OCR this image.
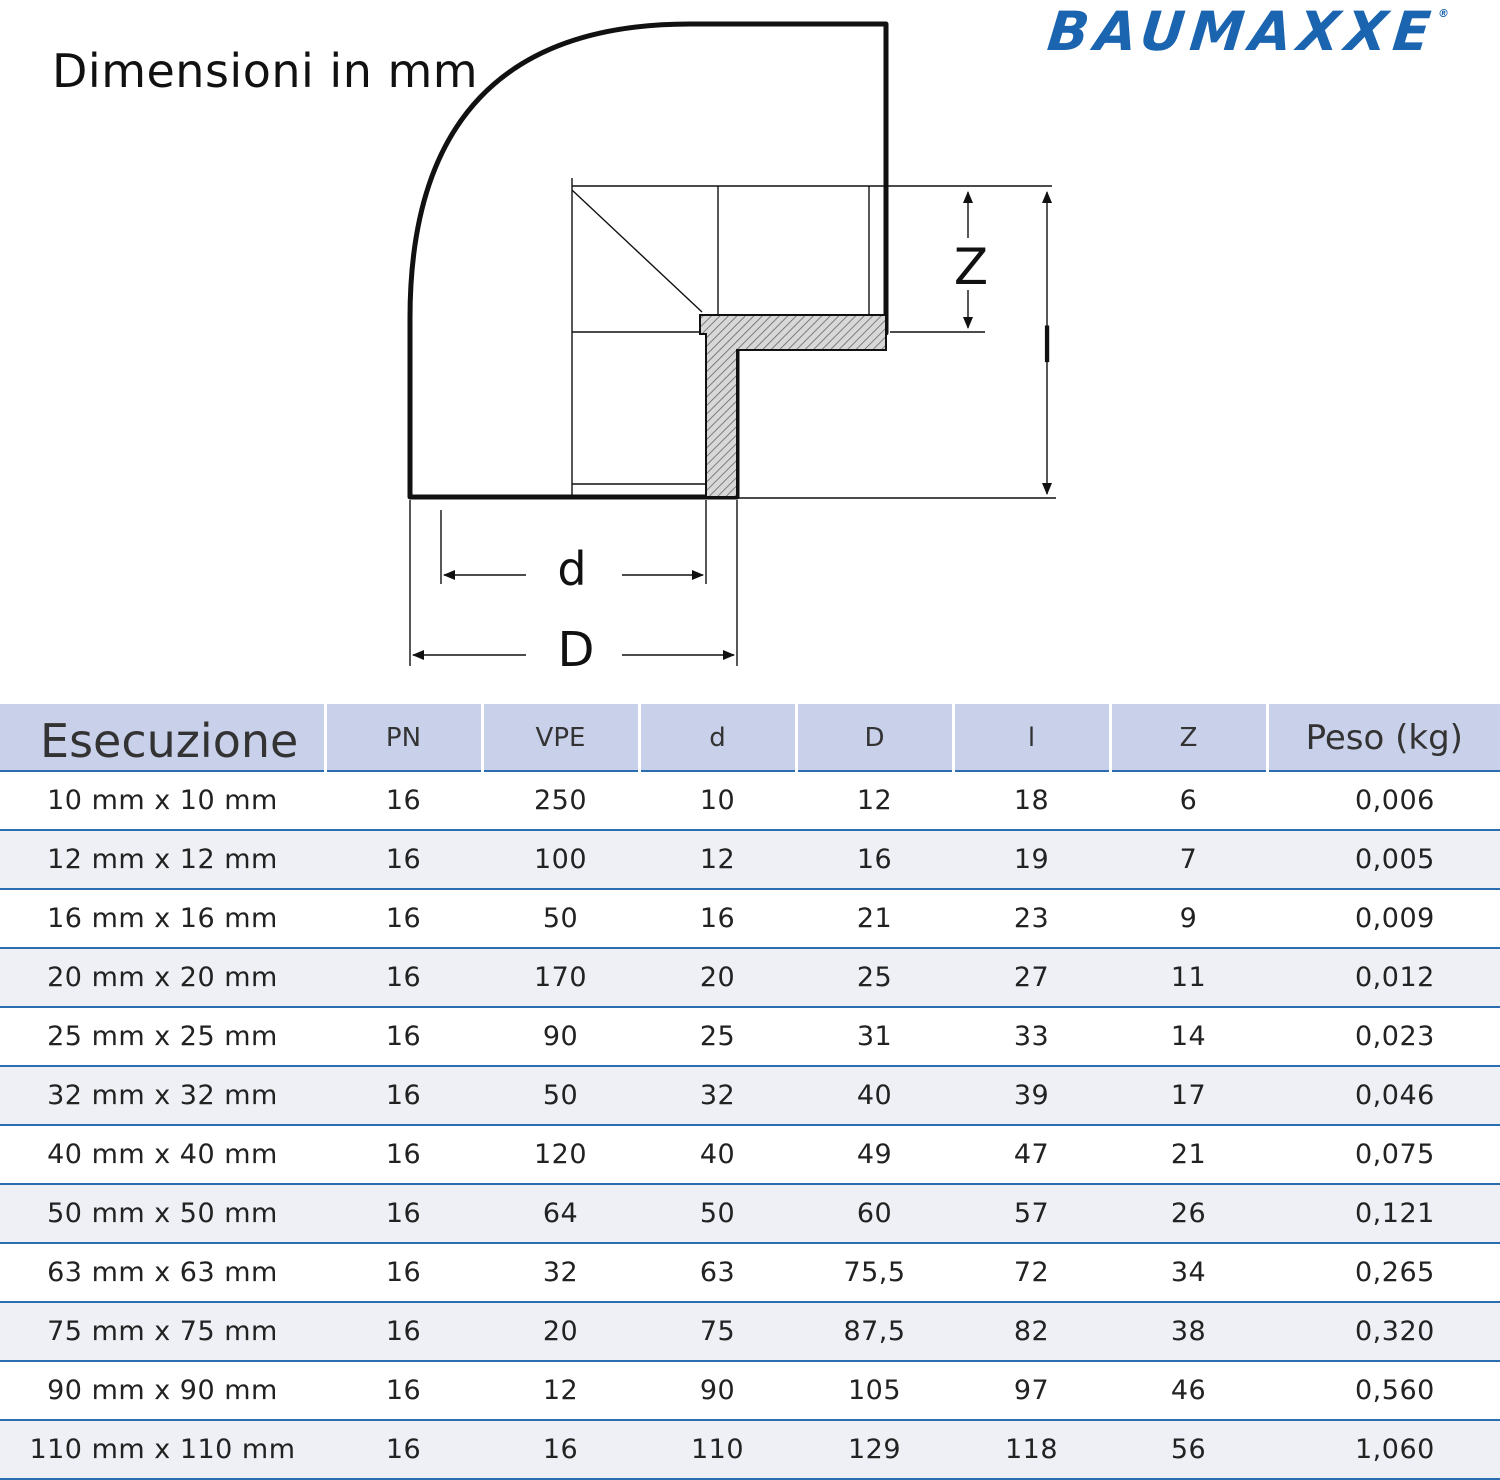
Dimensioni in mm
BAUMAXXE®
Z
l
d
D
Esecuzione	PN	VPE	d	D	l	Z	Peso (kg)
10 mm x 10 mm	16	250	10	12	18	6	0,006
12 mm x 12 mm	16	100	12	16	19	7	0,005
16 mm x 16 mm	16	50	16	21	23	9	0,009
20 mm x 20 mm	16	170	20	25	27	11	0,012
25 mm x 25 mm	16	90	25	31	33	14	0,023
32 mm x 32 mm	16	50	32	40	39	17	0,046
40 mm x 40 mm	16	120	40	49	47	21	0,075
50 mm x 50 mm	16	64	50	60	57	26	0,121
63 mm x 63 mm	16	32	63	75,5	72	34	0,265
75 mm x 75 mm	16	20	75	87,5	82	38	0,320
90 mm x 90 mm	16	12	90	105	97	46	0,560
110 mm x 110 mm	16	16	110	129	118	56	1,060
